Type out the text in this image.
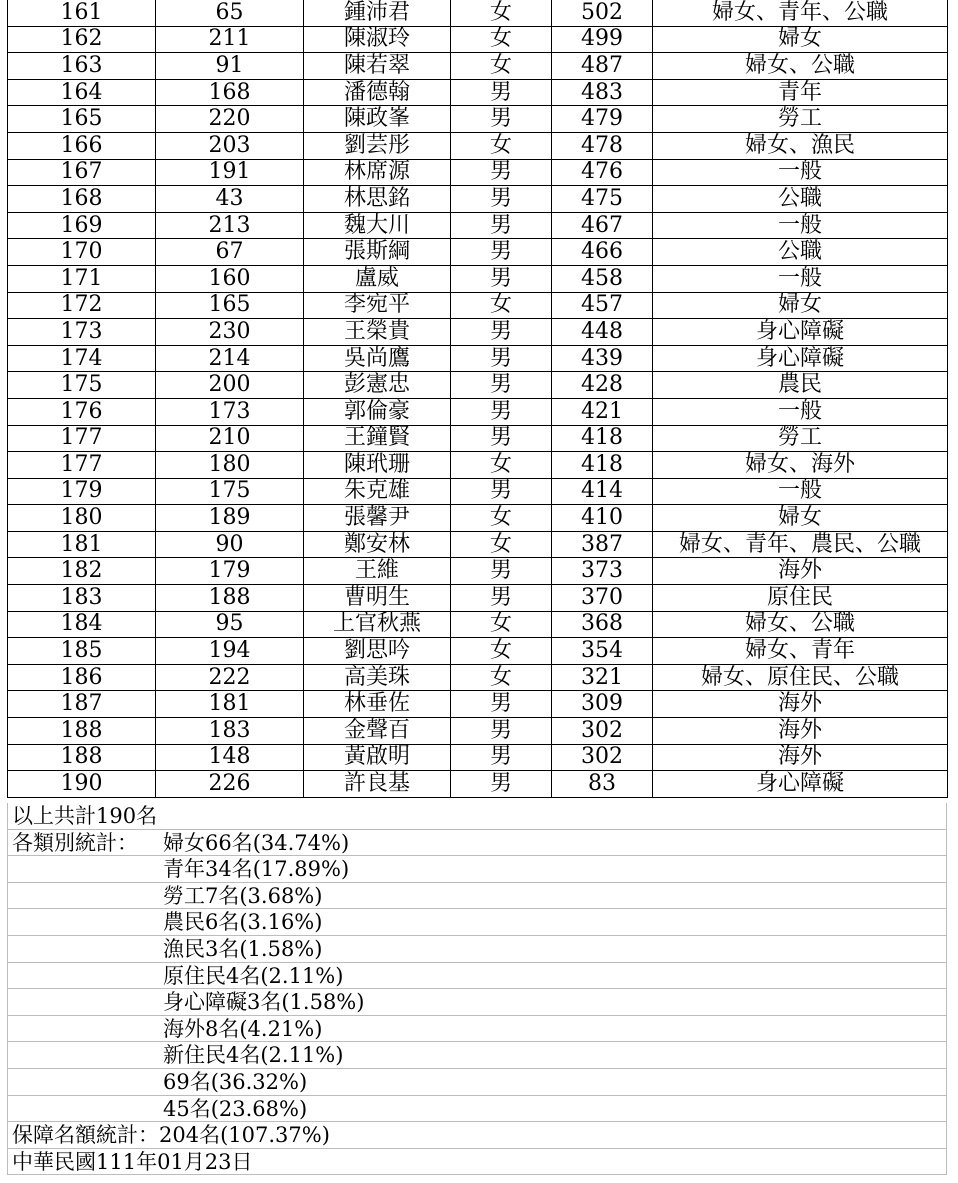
161	65	鍾沛君	女	502	婦女、青年、公職
162	211	陳淑玲	女	499	婦女
163	91	陳若翠	女	487	婦女、公職
164	168	潘德翰	男	483	青年
165	220	陳政峯	男	479	勞工
166	203	劉芸彤	女	478	婦女、漁民
167	191	林席源	男	476	一般
168	43	林思銘	男	475	公職
169	213	魏大川	男	467	一般
170	67	張斯綱	男	466	公職
171	160	盧威	男	458	一般
172	165	李宛平	女	457	婦女
173	230	王榮貴	男	448	身心障礙
174	214	吳尚鷹	男	439	身心障礙
175	200	彭憲忠	男	428	農民
176	173	郭倫豪	男	421	一般
177	210	王鐘賢	男	418	勞工
177	180	陳玳珊	女	418	婦女、海外
179	175	朱克雄	男	414	一般
180	189	張馨尹	女	410	婦女
181	90	鄭安林	女	387	婦女、青年、農民、公職
182	179	王維	男	373	海外
183	188	曹明生	男	370	原住民
184	95	上官秋燕	女	368	婦女、公職
185	194	劉思吟	女	354	婦女、青年
186	222	高美珠	女	321	婦女、原住民、公職
187	181	林垂佐	男	309	海外
188	183	金聲百	男	302	海外
188	148	黃啟明	男	302	海外
190	226	許良基	男	83	身心障礙
以上共計190名
各類別統計： 婦女66名(34.74%)
青年34名(17.89%)
勞工7名(3.68%)
農民6名(3.16%)
漁民3名(1.58%)
原住民4名(2.11%)
身心障礙3名(1.58%)
海外8名(4.21%)
新住民4名(2.11%)
69名(36.32%)
45名(23.68%)
保障名額統計：204名(107.37%)
中華民國111年01月23日
